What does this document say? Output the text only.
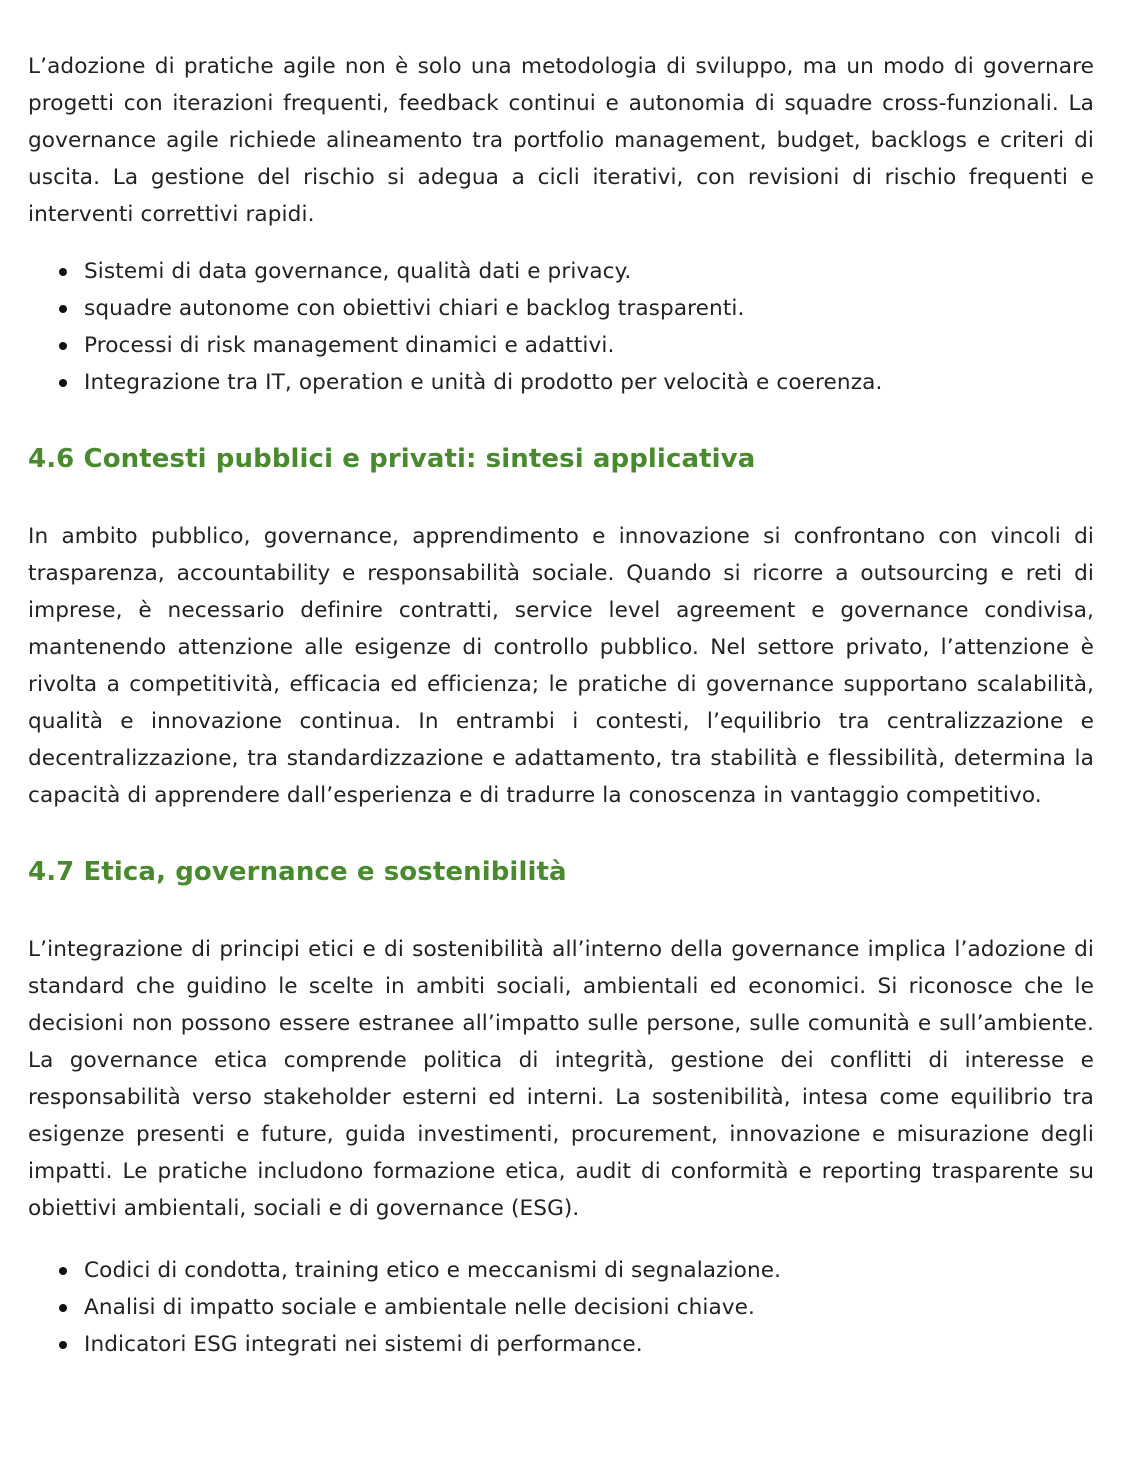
L’adozione di pratiche agile non è solo una metodologia di sviluppo, ma un modo di governare progetti con iterazioni frequenti, feedback continui e autonomia di squadre cross-funzionali. La governance agile richiede alineamento tra portfolio management, budget, backlogs e criteri di uscita. La gestione del rischio si adegua a cicli iterativi, con revisioni di rischio frequenti e interventi correttivi rapidi.

Sistemi di data governance, qualità dati e privacy.
squadre autonome con obiettivi chiari e backlog trasparenti.
Processi di risk management dinamici e adattivi.
Integrazione tra IT, operation e unità di prodotto per velocità e coerenza.
4.6 Contesti pubblici e privati: sintesi applicativa

In ambito pubblico, governance, apprendimento e innovazione si confrontano con vincoli di trasparenza, accountability e responsabilità sociale. Quando si ricorre a outsourcing e reti di imprese, è necessario definire contratti, service level agreement e governance condivisa, mantenendo attenzione alle esigenze di controllo pubblico. Nel settore privato, l’attenzione è rivolta a competitività, efficacia ed efficienza; le pratiche di governance supportano scalabilità, qualità e innovazione continua. In entrambi i contesti, l’equilibrio tra centralizzazione e decentralizzazione, tra standardizzazione e adattamento, tra stabilità e flessibilità, determina la capacità di apprendere dall’esperienza e di tradurre la conoscenza in vantaggio competitivo.

4.7 Etica, governance e sostenibilità

L’integrazione di principi etici e di sostenibilità all’interno della governance implica l’adozione di standard che guidino le scelte in ambiti sociali, ambientali ed economici. Si riconosce che le decisioni non possono essere estranee all’impatto sulle persone, sulle comunità e sull’ambiente. La governance etica comprende politica di integrità, gestione dei conflitti di interesse e responsabilità verso stakeholder esterni ed interni. La sostenibilità, intesa come equilibrio tra esigenze presenti e future, guida investimenti, procurement, innovazione e misurazione degli impatti. Le pratiche includono formazione etica, audit di conformità e reporting trasparente su obiettivi ambientali, sociali e di governance (ESG).

Codici di condotta, training etico e meccanismi di segnalazione.
Analisi di impatto sociale e ambientale nelle decisioni chiave.
Indicatori ESG integrati nei sistemi di performance.
